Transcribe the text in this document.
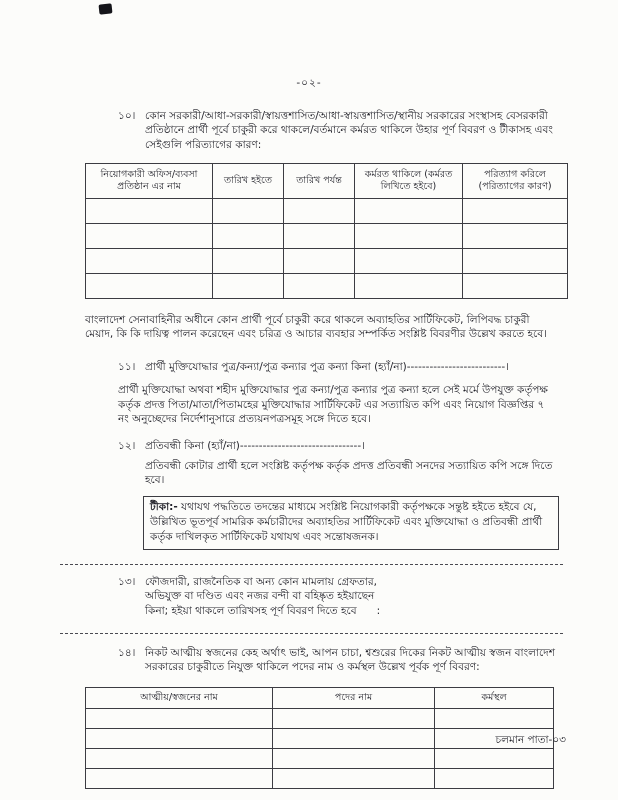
-০২-
১০। কোন সরকারী/আধা-সরকারী/স্বায়ত্তশাসিত/আধা-স্বায়ত্তশাসিত/স্থানীয় সরকারের সংস্থাসহ বেসরকারী প্রতিষ্ঠানে প্রার্থী পূর্বে চাকুরী করে থাকলে/বর্তমানে কর্মরত থাকিলে উহার পূর্ণ বিবরণ ও টীকাসহ এবং সেইগুলি পরিত্যাগের কারণ:
নিয়োগকারী অফিস/ব্যবসা প্রতিষ্ঠান এর নাম	তারিখ হইতে	তারিখ পর্যন্ত	কর্মরত থাকিলে (কর্মরত লিখিতে হইবে)	পরিত্যাগ করিলে (পরিত্যাগের কারণ)

বাংলাদেশ সেনাবাহিনীর অধীনে কোন প্রার্থী পূর্বে চাকুরী করে থাকলে অব্যাহতির সার্টিফিকেট, লিপিবদ্ধ চাকুরী মেয়াদ, কি কি দায়িত্ব পালন করেছেন এবং চরিত্র ও আচার ব্যবহার সম্পর্কিত সংশ্লিষ্ট বিবরণীর উল্লেখ করতে হবে।
১১। প্রার্থী মুক্তিযোদ্ধার পুত্র/কন্যা/পুত্র কন্যার পুত্র কন্যা কিনা (হ্যাঁ/না)--------------------------।
প্রার্থী মুক্তিযোদ্ধা অথবা শহীদ মুক্তিযোদ্ধার পুত্র কন্যা/পুত্র কন্যার পুত্র কন্যা হলে সেই মর্মে উপযুক্ত কর্তৃপক্ষ কর্তৃক প্রদত্ত পিতা/মাতা/পিতামহের মুক্তিযোদ্ধার সার্টিফিকেট এর সত্যায়িত কপি এবং নিয়োগ বিজ্ঞপ্তির ৭ নং অনুচ্ছেদের নির্দেশানুসারে প্রত্যয়নপত্রসমূহ সঙ্গে দিতে হবে।
১২। প্রতিবন্ধী কিনা (হ্যাঁ/না)--------------------------------।
প্রতিবন্ধী কোটার প্রার্থী হলে সংশ্লিষ্ট কর্তৃপক্ষ কর্তৃক প্রদত্ত প্রতিবন্ধী সনদের সত্যায়িত কপি সঙ্গে দিতে হবে।
টীকা:- যথাযথ পদ্ধতিতে তদন্তের মাধ্যমে সংশ্লিষ্ট নিয়োগকারী কর্তৃপক্ষকে সন্তুষ্ট হইতে হইবে যে, উল্লিখিত ভূতপূর্ব সামরিক কর্মচারীদের অব্যাহতির সার্টিফিকেট এবং মুক্তিযোদ্ধা ও প্রতিবন্ধী প্রার্থী কর্তৃক দাখিলকৃত সার্টিফিকেট যথাযথ এবং সন্তোষজনক।
১৩। ফৌজদারী, রাজনৈতিক বা অন্য কোন মামলায় গ্রেফতার,
অভিযুক্ত বা দণ্ডিত এবং নজর বন্দী বা বহিষ্কৃত হইয়াছেন
কিনা; হইয়া থাকলে তারিখসহ পূর্ণ বিবরণ দিতে হবে      :
১৪। নিকট আত্মীয় স্বজনের কেহ অর্থাৎ ভাই, আপন চাচা, শ্বশুরের দিকের নিকট আত্মীয় স্বজন বাংলাদেশ সরকারের চাকুরীতে নিযুক্ত থাকিলে পদের নাম ও কর্মস্থল উল্লেখ পূর্বক পূর্ণ বিবরণ:
আত্মীয়/স্বজনের নাম	পদের নাম	কর্মস্থল

চলমান পাতা-০৩
